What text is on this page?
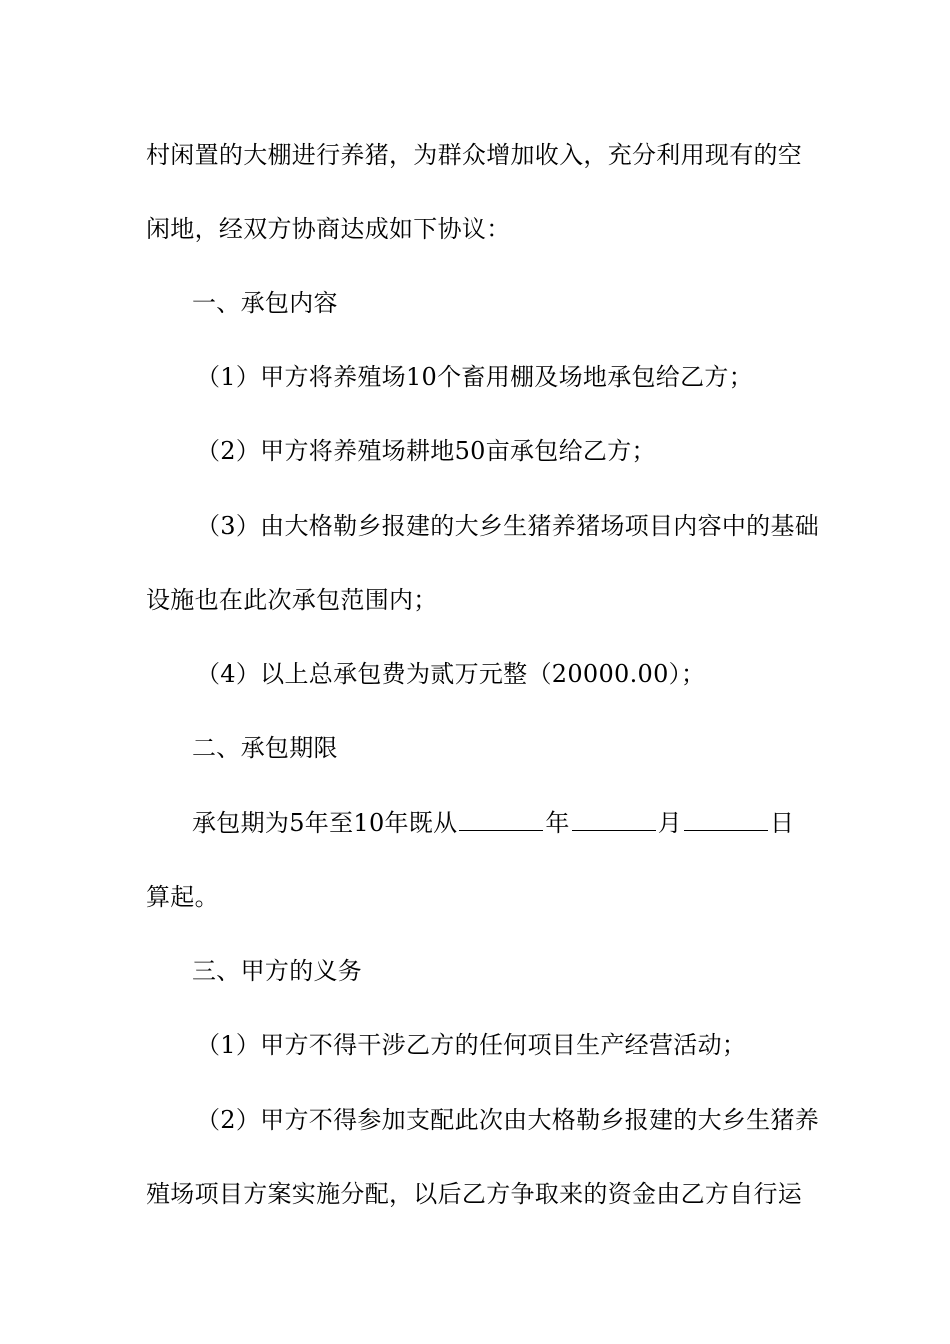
村闲置的大棚进行养猪，为群众增加收入，充分利用现有的空
闲地，经双方协商达成如下协议：
一、承包内容
（1）甲方将养殖场10个畜用棚及场地承包给乙方；
（2）甲方将养殖场耕地50亩承包给乙方；
（3）由大格勒乡报建的大乡生猪养猪场项目内容中的基础
设施也在此次承包范围内；
（4）以上总承包费为贰万元整（20000.00）；
二、承包期限
承包期为5年至10年既从	年	月	日
算起。
三、甲方的义务
（1）甲方不得干涉乙方的任何项目生产经营活动；
（2）甲方不得参加支配此次由大格勒乡报建的大乡生猪养
殖场项目方案实施分配，以后乙方争取来的资金由乙方自行运
